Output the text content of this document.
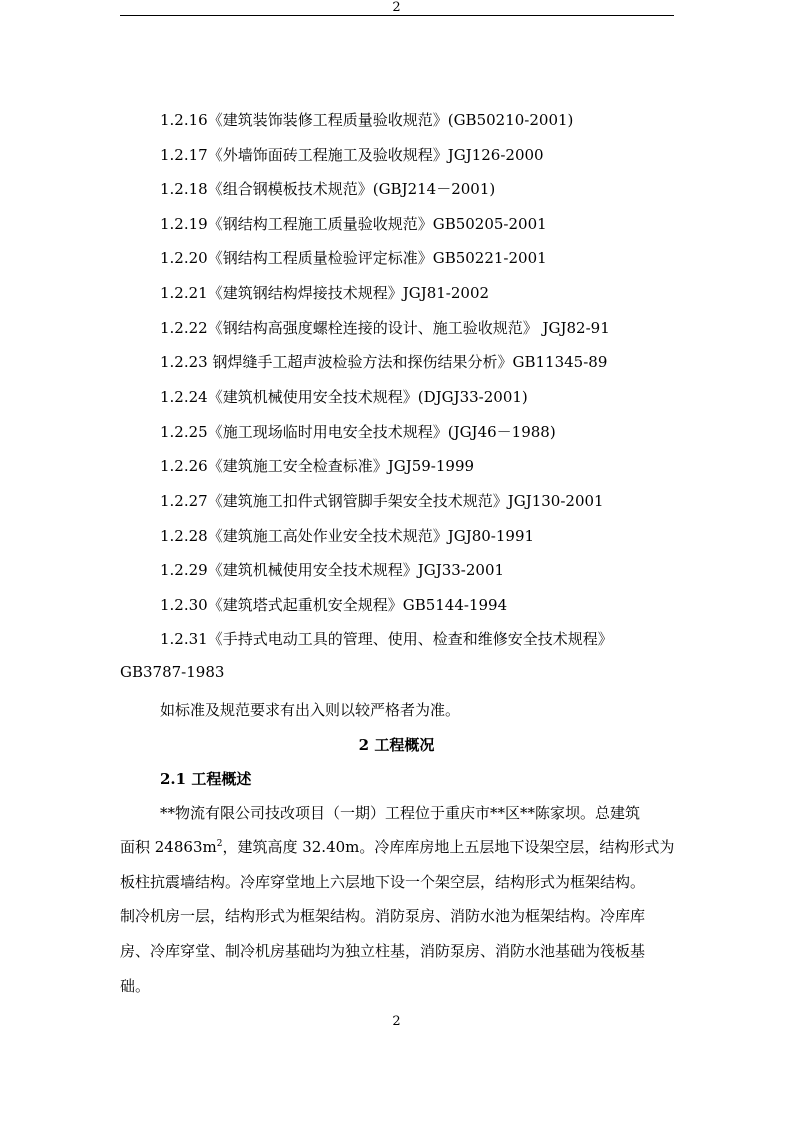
2
1.2.16《建筑装饰装修工程质量验收规范》(GB50210-2001)
1.2.17《外墙饰面砖工程施工及验收规程》JGJ126-2000
1.2.18《组合钢模板技术规范》(GBJ214－2001)
1.2.19《钢结构工程施工质量验收规范》GB50205-2001
1.2.20《钢结构工程质量检验评定标准》GB50221-2001
1.2.21《建筑钢结构焊接技术规程》JGJ81-2002
1.2.22《钢结构高强度螺栓连接的设计、施工验收规范》 JGJ82-91
1.2.23 钢焊缝手工超声波检验方法和探伤结果分析》GB11345-89
1.2.24《建筑机械使用安全技术规程》(DJGJ33-2001)
1.2.25《施工现场临时用电安全技术规程》(JGJ46－1988)
1.2.26《建筑施工安全检查标准》JGJ59-1999
1.2.27《建筑施工扣件式钢管脚手架安全技术规范》JGJ130-2001
1.2.28《建筑施工高处作业安全技术规范》JGJ80-1991
1.2.29《建筑机械使用安全技术规程》JGJ33-2001
1.2.30《建筑塔式起重机安全规程》GB5144-1994
1.2.31《手持式电动工具的管理、使用、检查和维修安全技术规程》
GB3787-1983
如标准及规范要求有出入则以较严格者为准。
2 工程概况
2.1 工程概述
**物流有限公司技改项目（一期）工程位于重庆市**区**陈家坝。总建筑
面积 $24863m^2$，建筑高度 32.40m。冷库库房地上五层地下设架空层，结构形式为
板柱抗震墙结构。冷库穿堂地上六层地下设一个架空层，结构形式为框架结构。
制冷机房一层，结构形式为框架结构。消防泵房、消防水池为框架结构。冷库库
房、冷库穿堂、制冷机房基础均为独立柱基，消防泵房、消防水池基础为筏板基
础。
2
